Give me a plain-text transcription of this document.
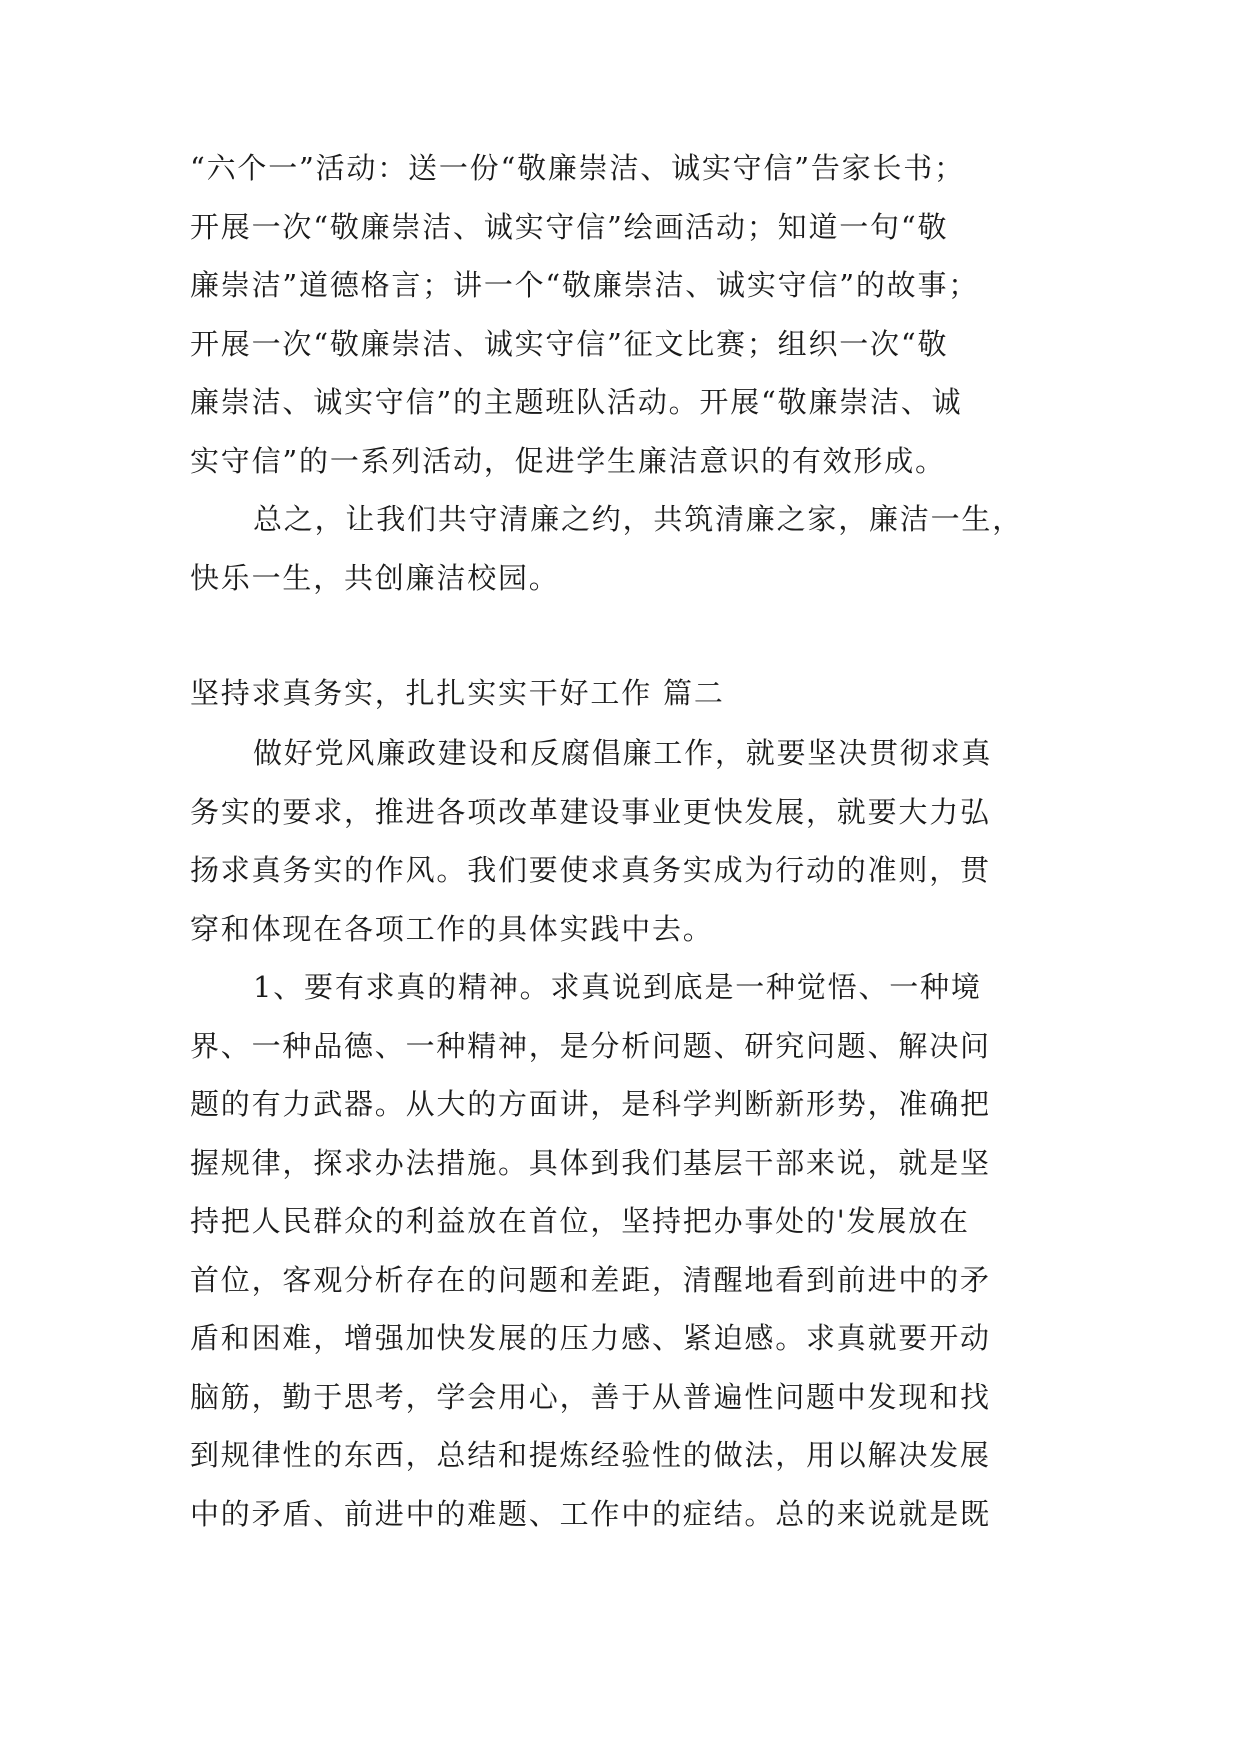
“六个一”活动：送一份“敬廉崇洁、诚实守信”告家长书；
开展一次“敬廉崇洁、诚实守信”绘画活动；知道一句“敬
廉崇洁”道德格言；讲一个“敬廉崇洁、诚实守信”的故事；
开展一次“敬廉崇洁、诚实守信”征文比赛；组织一次“敬
廉崇洁、诚实守信”的主题班队活动。开展“敬廉崇洁、诚
实守信”的一系列活动，促进学生廉洁意识的有效形成。

总之，让我们共守清廉之约，共筑清廉之家，廉洁一生，
快乐一生，共创廉洁校园。

坚持求真务实，扎扎实实干好工作 篇二

做好党风廉政建设和反腐倡廉工作，就要坚决贯彻求真
务实的要求，推进各项改革建设事业更快发展，就要大力弘
扬求真务实的作风。我们要使求真务实成为行动的准则，贯
穿和体现在各项工作的具体实践中去。

1、要有求真的精神。求真说到底是一种觉悟、一种境
界、一种品德、一种精神，是分析问题、研究问题、解决问
题的有力武器。从大的方面讲，是科学判断新形势，准确把
握规律，探求办法措施。具体到我们基层干部来说，就是坚
持把人民群众的利益放在首位，坚持把办事处的'发展放在
首位，客观分析存在的问题和差距，清醒地看到前进中的矛
盾和困难，增强加快发展的压力感、紧迫感。求真就要开动
脑筋，勤于思考，学会用心，善于从普遍性问题中发现和找
到规律性的东西，总结和提炼经验性的做法，用以解决发展
中的矛盾、前进中的难题、工作中的症结。总的来说就是既
